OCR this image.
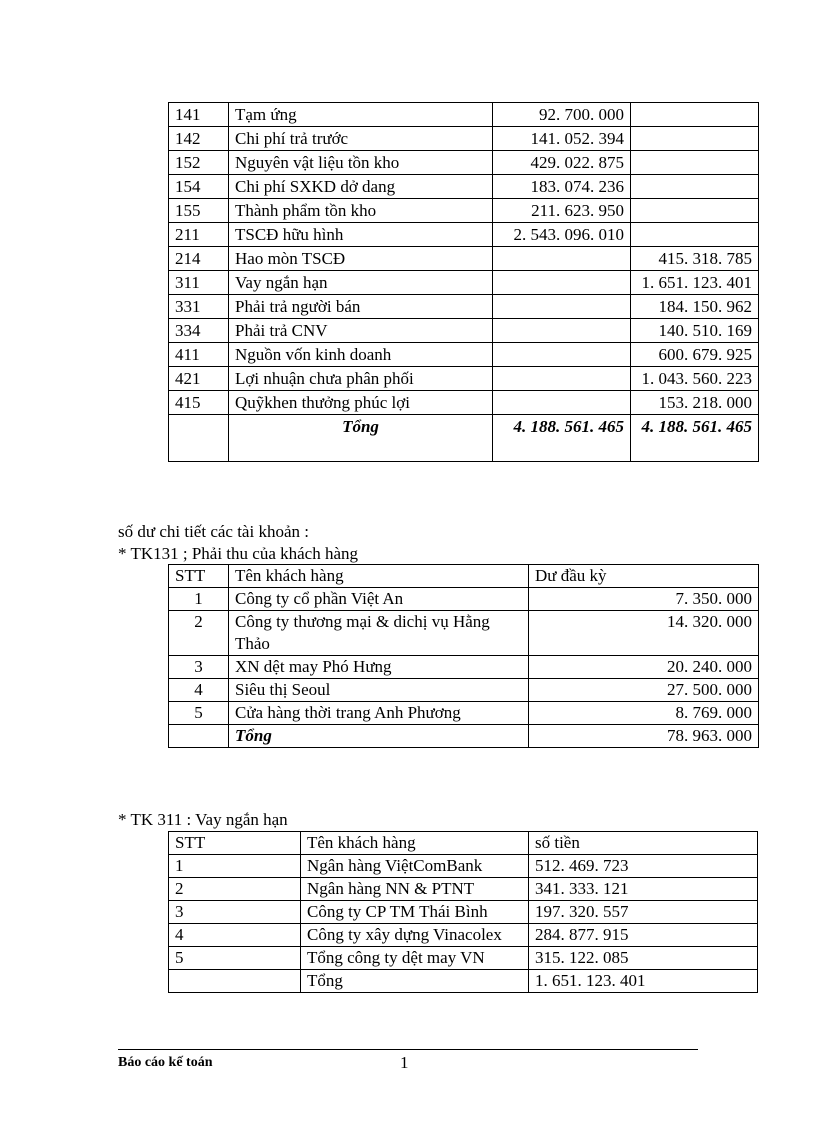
141	Tạm ứng	92. 700. 000	
142	Chi phí trả trước	141. 052. 394	
152	Nguyên vật liệu tồn kho	429. 022. 875	
154	Chi phí SXKD dở dang	183. 074. 236	
155	Thành phẩm tồn kho	211. 623. 950	
211	TSCĐ hữu hình	2. 543. 096. 010	
214	Hao mòn TSCĐ		415. 318. 785
311	Vay ngắn hạn		1. 651. 123. 401
331	Phải trả người bán		184. 150. 962
334	Phải trả CNV		140. 510. 169
411	Nguồn vốn kinh doanh		600. 679. 925
421	Lợi nhuận chưa phân phối		1. 043. 560. 223
415	Quỹkhen thưởng phúc lợi		153. 218. 000
	Tổng	4. 188. 561. 465	4. 188. 561. 465
số dư chi tiết các tài khoản :
* TK131 ; Phải thu của khách hàng
STT	Tên khách hàng	Dư đầu kỳ
1	Công ty cổ phần Việt An	7. 350. 000
2	Công ty thương mại & dichị vụ Hằng Thảo	14. 320. 000
3	XN dệt may Phó Hưng	20. 240. 000
4	Siêu thị Seoul	27. 500. 000
5	Cửa hàng thời trang Anh Phương	8. 769. 000
	Tổng	78. 963. 000
* TK 311 : Vay ngắn hạn
STT	Tên khách hàng	số tiền
1	Ngân hàng ViệtComBank	512. 469. 723
2	Ngân hàng NN & PTNT	341. 333. 121
3	Công ty CP TM Thái Bình	197. 320. 557
4	Công ty xây dựng Vinacolex	284. 877. 915
5	Tổng công ty dệt may VN	315. 122. 085
	Tổng	1. 651. 123. 401
Báo cáo kế toán	1
